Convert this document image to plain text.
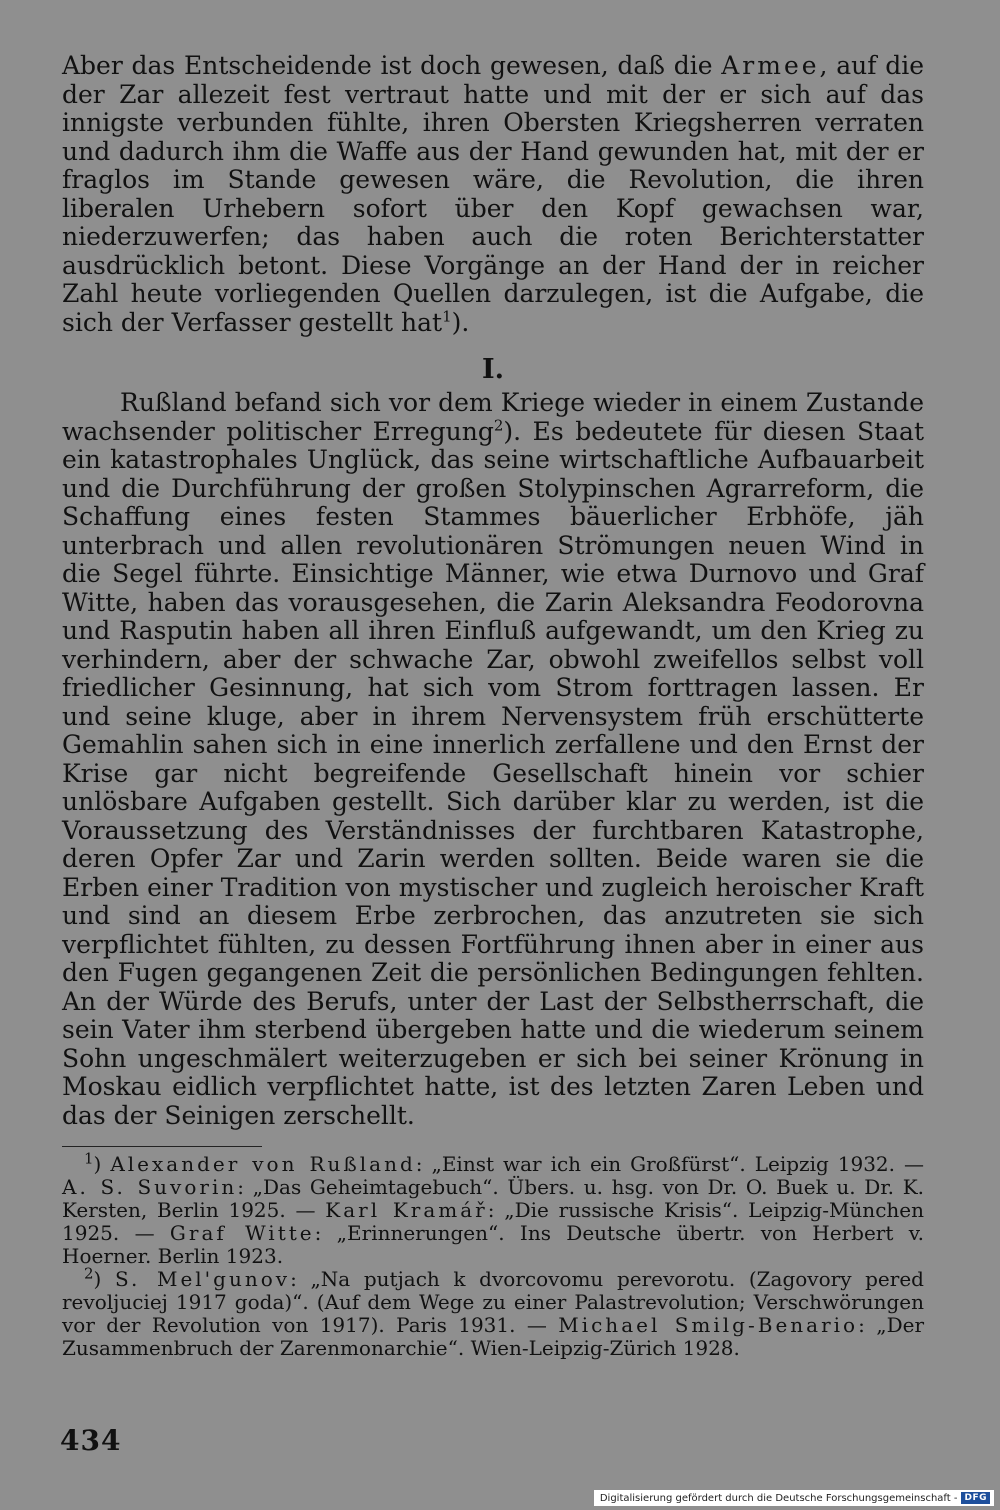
Aber das Entscheidende ist doch gewesen, daß die Armee, auf die der Zar allezeit fest vertraut hatte und mit der er sich auf das innigste verbunden fühlte, ihren Obersten Kriegsherren verraten und dadurch ihm die Waffe aus der Hand gewunden hat, mit der er fraglos im Stande gewesen wäre, die Revolution, die ihren liberalen Urhebern sofort über den Kopf gewachsen war, niederzuwerfen; das haben auch die roten Berichterstatter ausdrücklich betont. Diese Vorgänge an der Hand der in reicher Zahl heute vorliegenden Quellen darzulegen, ist die Aufgabe, die sich der Verfasser gestellt hat$^1$).

I.

Rußland befand sich vor dem Kriege wieder in einem Zustande wachsender politischer Erregung$^2$). Es bedeutete für diesen Staat ein katastrophales Unglück, das seine wirtschaftliche Aufbauarbeit und die Durchführung der großen Stolypinschen Agrarreform, die Schaffung eines festen Stammes bäuerlicher Erbhöfe, jäh unterbrach und allen revolutionären Strömungen neuen Wind in die Segel führte. Einsichtige Männer, wie etwa Durnovo und Graf Witte, haben das vorausgesehen, die Zarin Aleksandra Feodorovna und Rasputin haben all ihren Einfluß aufgewandt, um den Krieg zu verhindern, aber der schwache Zar, obwohl zweifellos selbst voll friedlicher Gesinnung, hat sich vom Strom forttragen lassen. Er und seine kluge, aber in ihrem Nervensystem früh erschütterte Gemahlin sahen sich in eine innerlich zerfallene und den Ernst der Krise gar nicht begreifende Gesellschaft hinein vor schier unlösbare Aufgaben gestellt. Sich darüber klar zu werden, ist die Voraussetzung des Verständnisses der furchtbaren Katastrophe, deren Opfer Zar und Zarin werden sollten. Beide waren sie die Erben einer Tradition von mystischer und zugleich heroischer Kraft und sind an diesem Erbe zerbrochen, das anzutreten sie sich verpflichtet fühlten, zu dessen Fortführung ihnen aber in einer aus den Fugen gegangenen Zeit die persönlichen Bedingungen fehlten. An der Würde des Berufs, unter der Last der Selbstherrschaft, die sein Vater ihm sterbend übergeben hatte und die wiederum seinem Sohn ungeschmälert weiterzugeben er sich bei seiner Krönung in Moskau eidlich verpflichtet hatte, ist des letzten Zaren Leben und das der Seinigen zerschellt.

$^1$) Alexander von Rußland: „Einst war ich ein Großfürst“. Leipzig 1932. — A. S. Suvorin: „Das Geheimtagebuch“. Übers. u. hsg. von Dr. O. Buek u. Dr. K. Kersten, Berlin 1925. — Karl Kramář: „Die russische Krisis“. Leipzig-München 1925. — Graf Witte: „Erinnerungen“. Ins Deutsche übertr. von Herbert v. Hoerner. Berlin 1923.

$^2$) S. Mel'gunov: „Na putjach k dvorcovomu perevorotu. (Zagovory pered revoljuciej 1917 goda)“. (Auf dem Wege zu einer Palastrevolution; Verschwörungen vor der Revolution von 1917). Paris 1931. — Michael Smilg-Benario: „Der Zusammenbruch der Zarenmonarchie“. Wien-Leipzig-Zürich 1928.

434
Digitalisierung gefördert durch die Deutsche Forschungsgemeinschaft - DFG
